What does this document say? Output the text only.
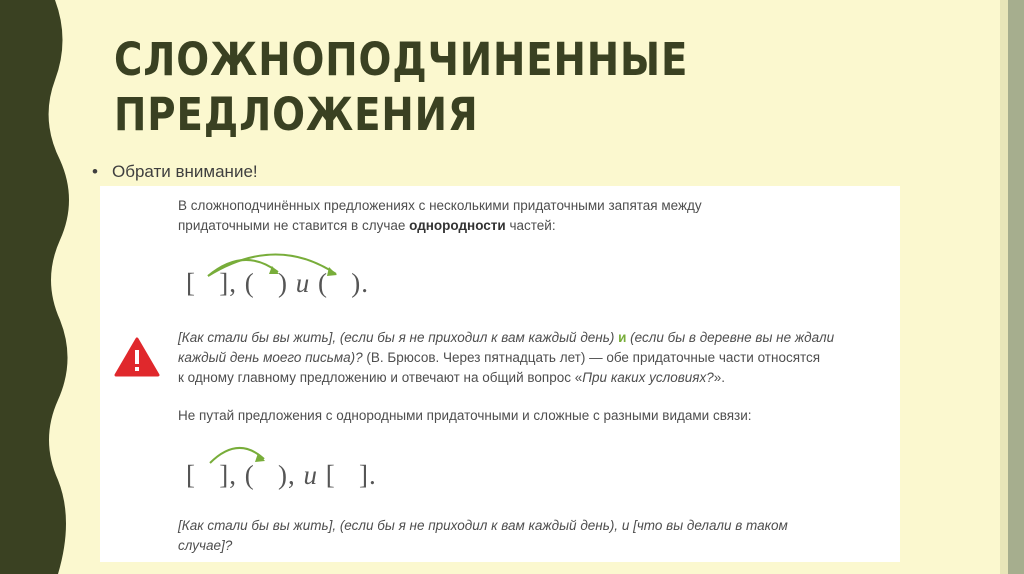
СЛОЖНОПОДЧИНЕННЫЕ
ПРЕДЛОЖЕНИЯ
• Обрати внимание!

В сложноподчинённых предложениях с несколькими придаточными запятая между

придаточными не ставится в случае однородности частей:

[ ], ( ) и ( ).

[Как стали бы вы жить], (если бы я не приходил к вам каждый день) и (если бы в деревне вы не ждали

каждый день моего письма)? (В. Брюсов. Через пятнадцать лет) — обе придаточные части относятся

к одному главному предложению и отвечают на общий вопрос «При каких условиях?».

Не путай предложения с однородными придаточными и сложные с разными видами связи:

[ ], ( ), и [ ].

[Как стали бы вы жить], (если бы я не приходил к вам каждый день), и [что вы делали в таком

случае]?
